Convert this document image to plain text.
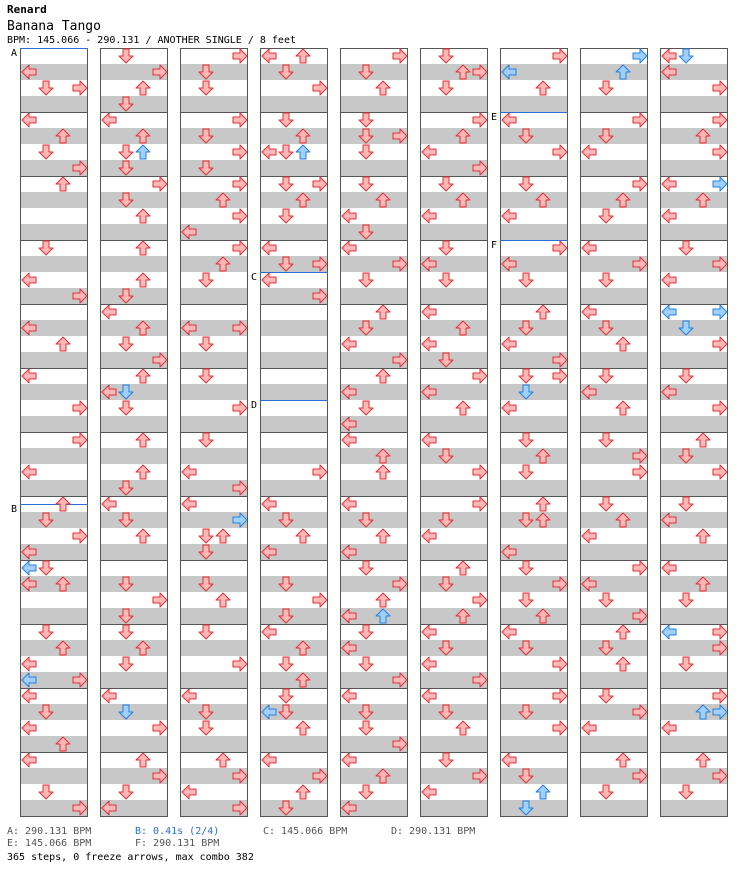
Renard
Banana Tango
BPM: 145.066 - 290.131 / ANOTHER SINGLE / 8 feet
A
B
C
D
E
F
A: 290.131 BPM	B: 0.41s (2/4)	C: 145.066 BPM	D: 290.131 BPM
E: 145.066 BPM	F: 290.131 BPM
365 steps, 0 freeze arrows, max combo 382
